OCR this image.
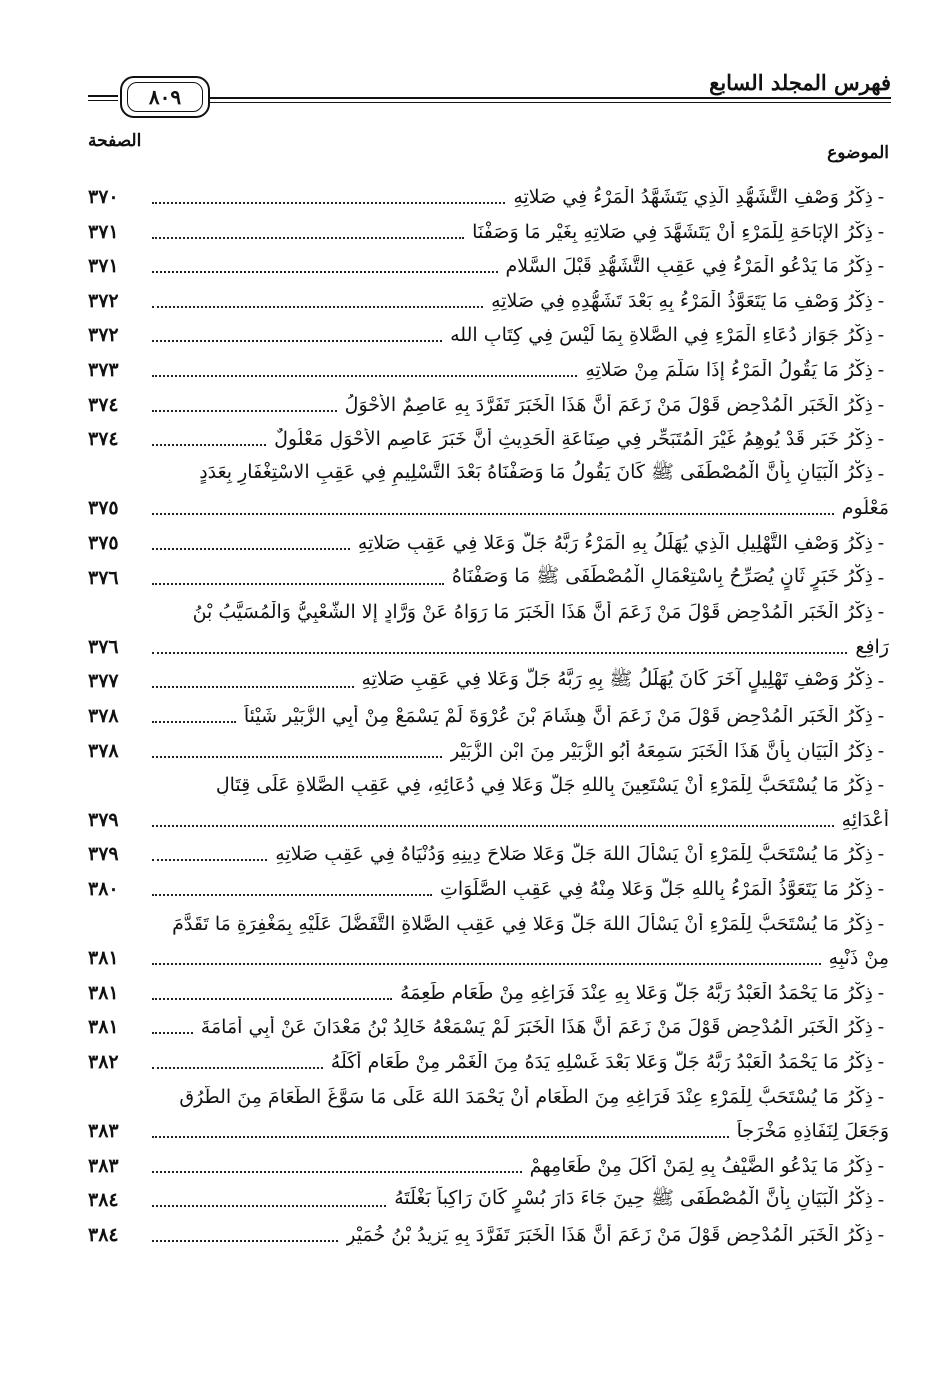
فهرس المجلد السابع
٨٠٩
الموضوع
الصفحة
-
ذِكْرُ وَصْفِ التَّشَهُّدِ الَّذِي يَتَشَهَّدُ الْمَرْءُ فِي صَلاتِهِ
٣٧٠
-
ذِكْرُ الإِبَاحَةِ لِلْمَرْءِ أَنْ يَتَشَهَّدَ فِي صَلاتِهِ بِغَيْرِ مَا وَصَفْنَا
٣٧١
-
ذِكْرُ مَا يَدْعُو الْمَرْءُ فِي عَقِبِ التَّشَهُّدِ قَبْلَ السَّلامِ
٣٧١
-
ذِكْرُ وَصْفِ مَا يَتَعَوَّذُ الْمَرْءُ بِهِ بَعْدَ تَشَهُّدِهِ فِي صَلاتِهِ
٣٧٢
-
ذِكْرُ جَوَازِ دُعَاءِ الْمَرْءِ فِي الصَّلاةِ بِمَا لَيْسَ فِي كِتَابِ الله
٣٧٢
-
ذِكْرُ مَا يَقُولُ الْمَرْءُ إِذَا سَلَّمَ مِنْ صَلاتِهِ
٣٧٣
-
ذِكْرُ الْخَبَرِ الْمُدْحِضِ قَوْلَ مَنْ زَعَمَ أَنَّ هَذَا الْخَبَرَ تَفَرَّدَ بِهِ عَاصِمٌ الأَحْوَلُ
٣٧٤
-
ذِكْرُ خَبَرٍ قَدْ يُوهِمُ غَيْرَ الْمُتَبَحِّرِ فِي صِنَاعَةِ الْحَدِيثِ أَنَّ خَبَرَ عَاصِمٍ الأَحْوَلِ مَعْلُولٌ
٣٧٤
-
ذِكْرُ الْبَيَانِ بِأَنَّ الْمُصْطَفَى ﷺ كَانَ يَقُولُ مَا وَصَفْنَاهُ بَعْدَ التَّسْلِيمِ فِي عَقِبِ الاسْتِغْفَارِ بِعَدَدٍ
مَعْلُومٍ
٣٧٥
-
ذِكْرُ وَصْفِ التَّهْلِيلِ الَّذِي يُهَلِّلُ بِهِ الْمَرْءُ رَبَّهُ جَلَّ وَعَلا فِي عَقِبِ صَلاتِهِ
٣٧٥
-
ذِكْرُ خَبَرٍ ثَانٍ يُصَرِّحُ بِاسْتِعْمَالِ الْمُصْطَفَى ﷺ مَا وَصَفْنَاهُ
٣٧٦
-
ذِكْرُ الْخَبَرِ الْمُدْحِضِ قَوْلَ مَنْ زَعَمَ أَنَّ هَذَا الْخَبَرَ مَا رَوَاهُ عَنْ وَرَّادٍ إِلا الشَّعْبِيُّ وَالْمُسَيَّبُ بْنُ
رَافِعٍ
٣٧٦
-
ذِكْرُ وَصْفِ تَهْلِيلٍ آخَرَ كَانَ يُهَلِّلُ ﷺ بِهِ رَبَّهُ جَلَّ وَعَلا فِي عَقِبِ صَلاتِهِ
٣٧٧
-
ذِكْرُ الْخَبَرِ الْمُدْحِضِ قَوْلَ مَنْ زَعَمَ أَنَّ هِشَامَ بْنَ عُرْوَةَ لَمْ يَسْمَعْ مِنْ أَبِي الزُّبَيْرِ شَيْئاً
٣٧٨
-
ذِكْرُ الْبَيَانِ بِأَنَّ هَذَا الْخَبَرَ سَمِعَهُ أَبُو الزُّبَيْرِ مِنَ ابْنِ الزُّبَيْرِ
٣٧٨
-
ذِكْرُ مَا يُسْتَحَبُّ لِلْمَرْءِ أَنْ يَسْتَعِينَ بِاللهِ جَلَّ وَعَلا فِي دُعَائِهِ، فِي عَقِبِ الصَّلاةِ عَلَى قِتَالِ
أَعْدَائِهِ
٣٧٩
-
ذِكْرُ مَا يُسْتَحَبُّ لِلْمَرْءِ أَنْ يَسْأَلَ اللهَ جَلَّ وَعَلا صَلاحَ دِينِهِ وَدُنْيَاهُ فِي عَقِبِ صَلاتِهِ
٣٧٩
-
ذِكْرُ مَا يَتَعَوَّذُ الْمَرْءُ بِاللهِ جَلَّ وَعَلا مِنْهُ فِي عَقِبِ الصَّلَوَاتِ
٣٨٠
-
ذِكْرُ مَا يُسْتَحَبُّ لِلْمَرْءِ أَنْ يَسْأَلَ اللهَ جَلَّ وَعَلا فِي عَقِبِ الصَّلاةِ التَّفَضُّلَ عَلَيْهِ بِمَغْفِرَةِ مَا تَقَدَّمَ
مِنْ ذَنْبِهِ
٣٨١
-
ذِكْرُ مَا يَحْمَدُ الْعَبْدُ رَبَّهُ جَلَّ وَعَلا بِهِ عِنْدَ فَرَاغِهِ مِنْ طَعَامٍ طَعِمَهُ
٣٨١
-
ذِكْرُ الْخَبَرِ الْمُدْحِضِ قَوْلَ مَنْ زَعَمَ أَنَّ هَذَا الْخَبَرَ لَمْ يَسْمَعْهُ خَالِدُ بْنُ مَعْدَانَ عَنْ أَبِي أُمَامَةَ
٣٨١
-
ذِكْرُ مَا يَحْمَدُ الْعَبْدُ رَبَّهُ جَلَّ وَعَلا بَعْدَ غَسْلِهِ يَدَهُ مِنَ الْغَمْرِ مِنْ طَعَامٍ أَكَلَهُ
٣٨٢
-
ذِكْرُ مَا يُسْتَحَبُّ لِلْمَرْءِ عِنْدَ فَرَاغِهِ مِنَ الطَّعَامِ أَنْ يَحْمَدَ اللهَ عَلَى مَا سَوَّغَ الطَّعَامَ مِنَ الطُّرُقِ
وَجَعَلَ لِنَفَاذِهِ مَخْرَجاً
٣٨٣
-
ذِكْرُ مَا يَدْعُو الضَّيْفُ بِهِ لِمَنْ أَكَلَ مِنْ طَعَامِهِمْ
٣٨٣
-
ذِكْرُ الْبَيَانِ بِأَنَّ الْمُصْطَفَى ﷺ حِينَ جَاءَ دَارَ بُسْرٍ كَانَ رَاكِباً بَغْلَتَهُ
٣٨٤
-
ذِكْرُ الْخَبَرِ الْمُدْحِضِ قَوْلَ مَنْ زَعَمَ أَنَّ هَذَا الْخَبَرَ تَفَرَّدَ بِهِ يَزِيدُ بْنُ خُمَيْرٍ
٣٨٤
